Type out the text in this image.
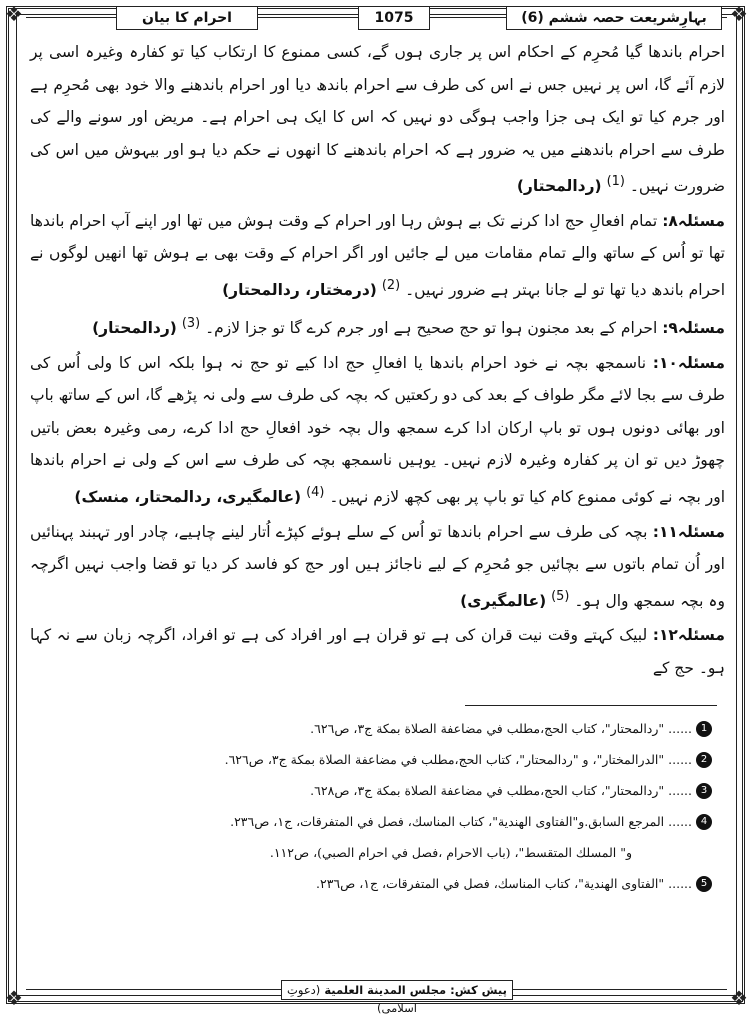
❖	❖
❖	❖
احرام کا بیان	1075	بہارِشریعت حصہ ششم (6)

احرام باندھا گیا مُحرِم کے احکام اس پر جاری ہوں گے، کسی ممنوع کا ارتکاب کیا تو کفارہ وغیرہ اسی پر لازم آئے گا، اس پر نہیں جس نے اس کی طرف سے احرام باندھ دیا اور احرام باندھنے والا خود بھی مُحرِم ہے اور جرم کیا تو ایک ہی جزا واجب ہوگی دو نہیں کہ اس کا ایک ہی احرام ہے۔ مریض اور سونے والے کی طرف سے احرام باندھنے میں یہ ضرور ہے کہ احرام باندھنے کا انھوں نے حکم دیا ہو اور بیہوش میں اس کی ضرورت نہیں۔ $^{(1)}$ (ردالمحتار)

مسئلہ۸: تمام افعالِ حج ادا کرنے تک بے ہوش رہا اور احرام کے وقت ہوش میں تھا اور اپنے آپ احرام باندھا تھا تو اُس کے ساتھ والے تمام مقامات میں لے جائیں اور اگر احرام کے وقت بھی بے ہوش تھا انھیں لوگوں نے احرام باندھ دیا تھا تو لے جانا بہتر ہے ضرور نہیں۔ $^{(2)}$ (درمختار، ردالمحتار)

مسئلہ۹: احرام کے بعد مجنون ہوا تو حج صحیح ہے اور جرم کرے گا تو جزا لازم۔ $^{(3)}$ (ردالمحتار)

مسئلہ۱۰: ناسمجھ بچہ نے خود احرام باندھا یا افعالِ حج ادا کیے تو حج نہ ہوا بلکہ اس کا ولی اُس کی طرف سے بجا لائے مگر طواف کے بعد کی دو رکعتیں کہ بچہ کی طرف سے ولی نہ پڑھے گا، اس کے ساتھ باپ اور بھائی دونوں ہوں تو باپ ارکان ادا کرے سمجھ وال بچہ خود افعالِ حج ادا کرے، رمی وغیرہ بعض باتیں چھوڑ دیں تو ان پر کفارہ وغیرہ لازم نہیں۔ یوہیں ناسمجھ بچہ کی طرف سے اس کے ولی نے احرام باندھا اور بچہ نے کوئی ممنوع کام کیا تو باپ پر بھی کچھ لازم نہیں۔ $^{(4)}$ (عالمگیری، ردالمحتار، منسک)

مسئلہ۱۱: بچہ کی طرف سے احرام باندھا تو اُس کے سلے ہوئے کپڑے اُتار لینے چاہیے، چادر اور تہبند پہنائیں اور اُن تمام باتوں سے بچائیں جو مُحرِم کے لیے ناجائز ہیں اور حج کو فاسد کر دیا تو قضا واجب نہیں اگرچہ وہ بچہ سمجھ وال ہو۔ $^{(5)}$ (عالمگیری)

مسئلہ۱۲: لبیک کہتے وقت نیت قران کی ہے تو قران ہے اور افراد کی ہے تو افراد، اگرچہ زبان سے نہ کہا ہو۔ حج کے

1
......
"ردالمحتار"، كتاب الحج،مطلب في مضاعفة الصلاة بمكة ج٣، ص٦٢٦.
2
......
"الدرالمختار"، و "ردالمحتار"، كتاب الحج،مطلب في مضاعفة الصلاة بمكة ج٣، ص٦٢٦.
3
......
"ردالمحتار"، كتاب الحج،مطلب في مضاعفة الصلاة بمكة ج٣، ص٦٢٨.
4
......
المرجع السابق.و"الفتاوى الهندية"، كتاب المناسك، فصل في المتفرقات، ج١، ص٢٣٦.
و" المسلك المتقسط"، (باب الاحرام ،فصل في احرام الصبي)، ص١١٢.
5
......
"الفتاوى الهندية"، كتاب المناسك، فصل في المتفرقات، ج١، ص٢٣٦.
پیش کش: مجلس المدينة العلمية (دعوتِ اسلامی)
